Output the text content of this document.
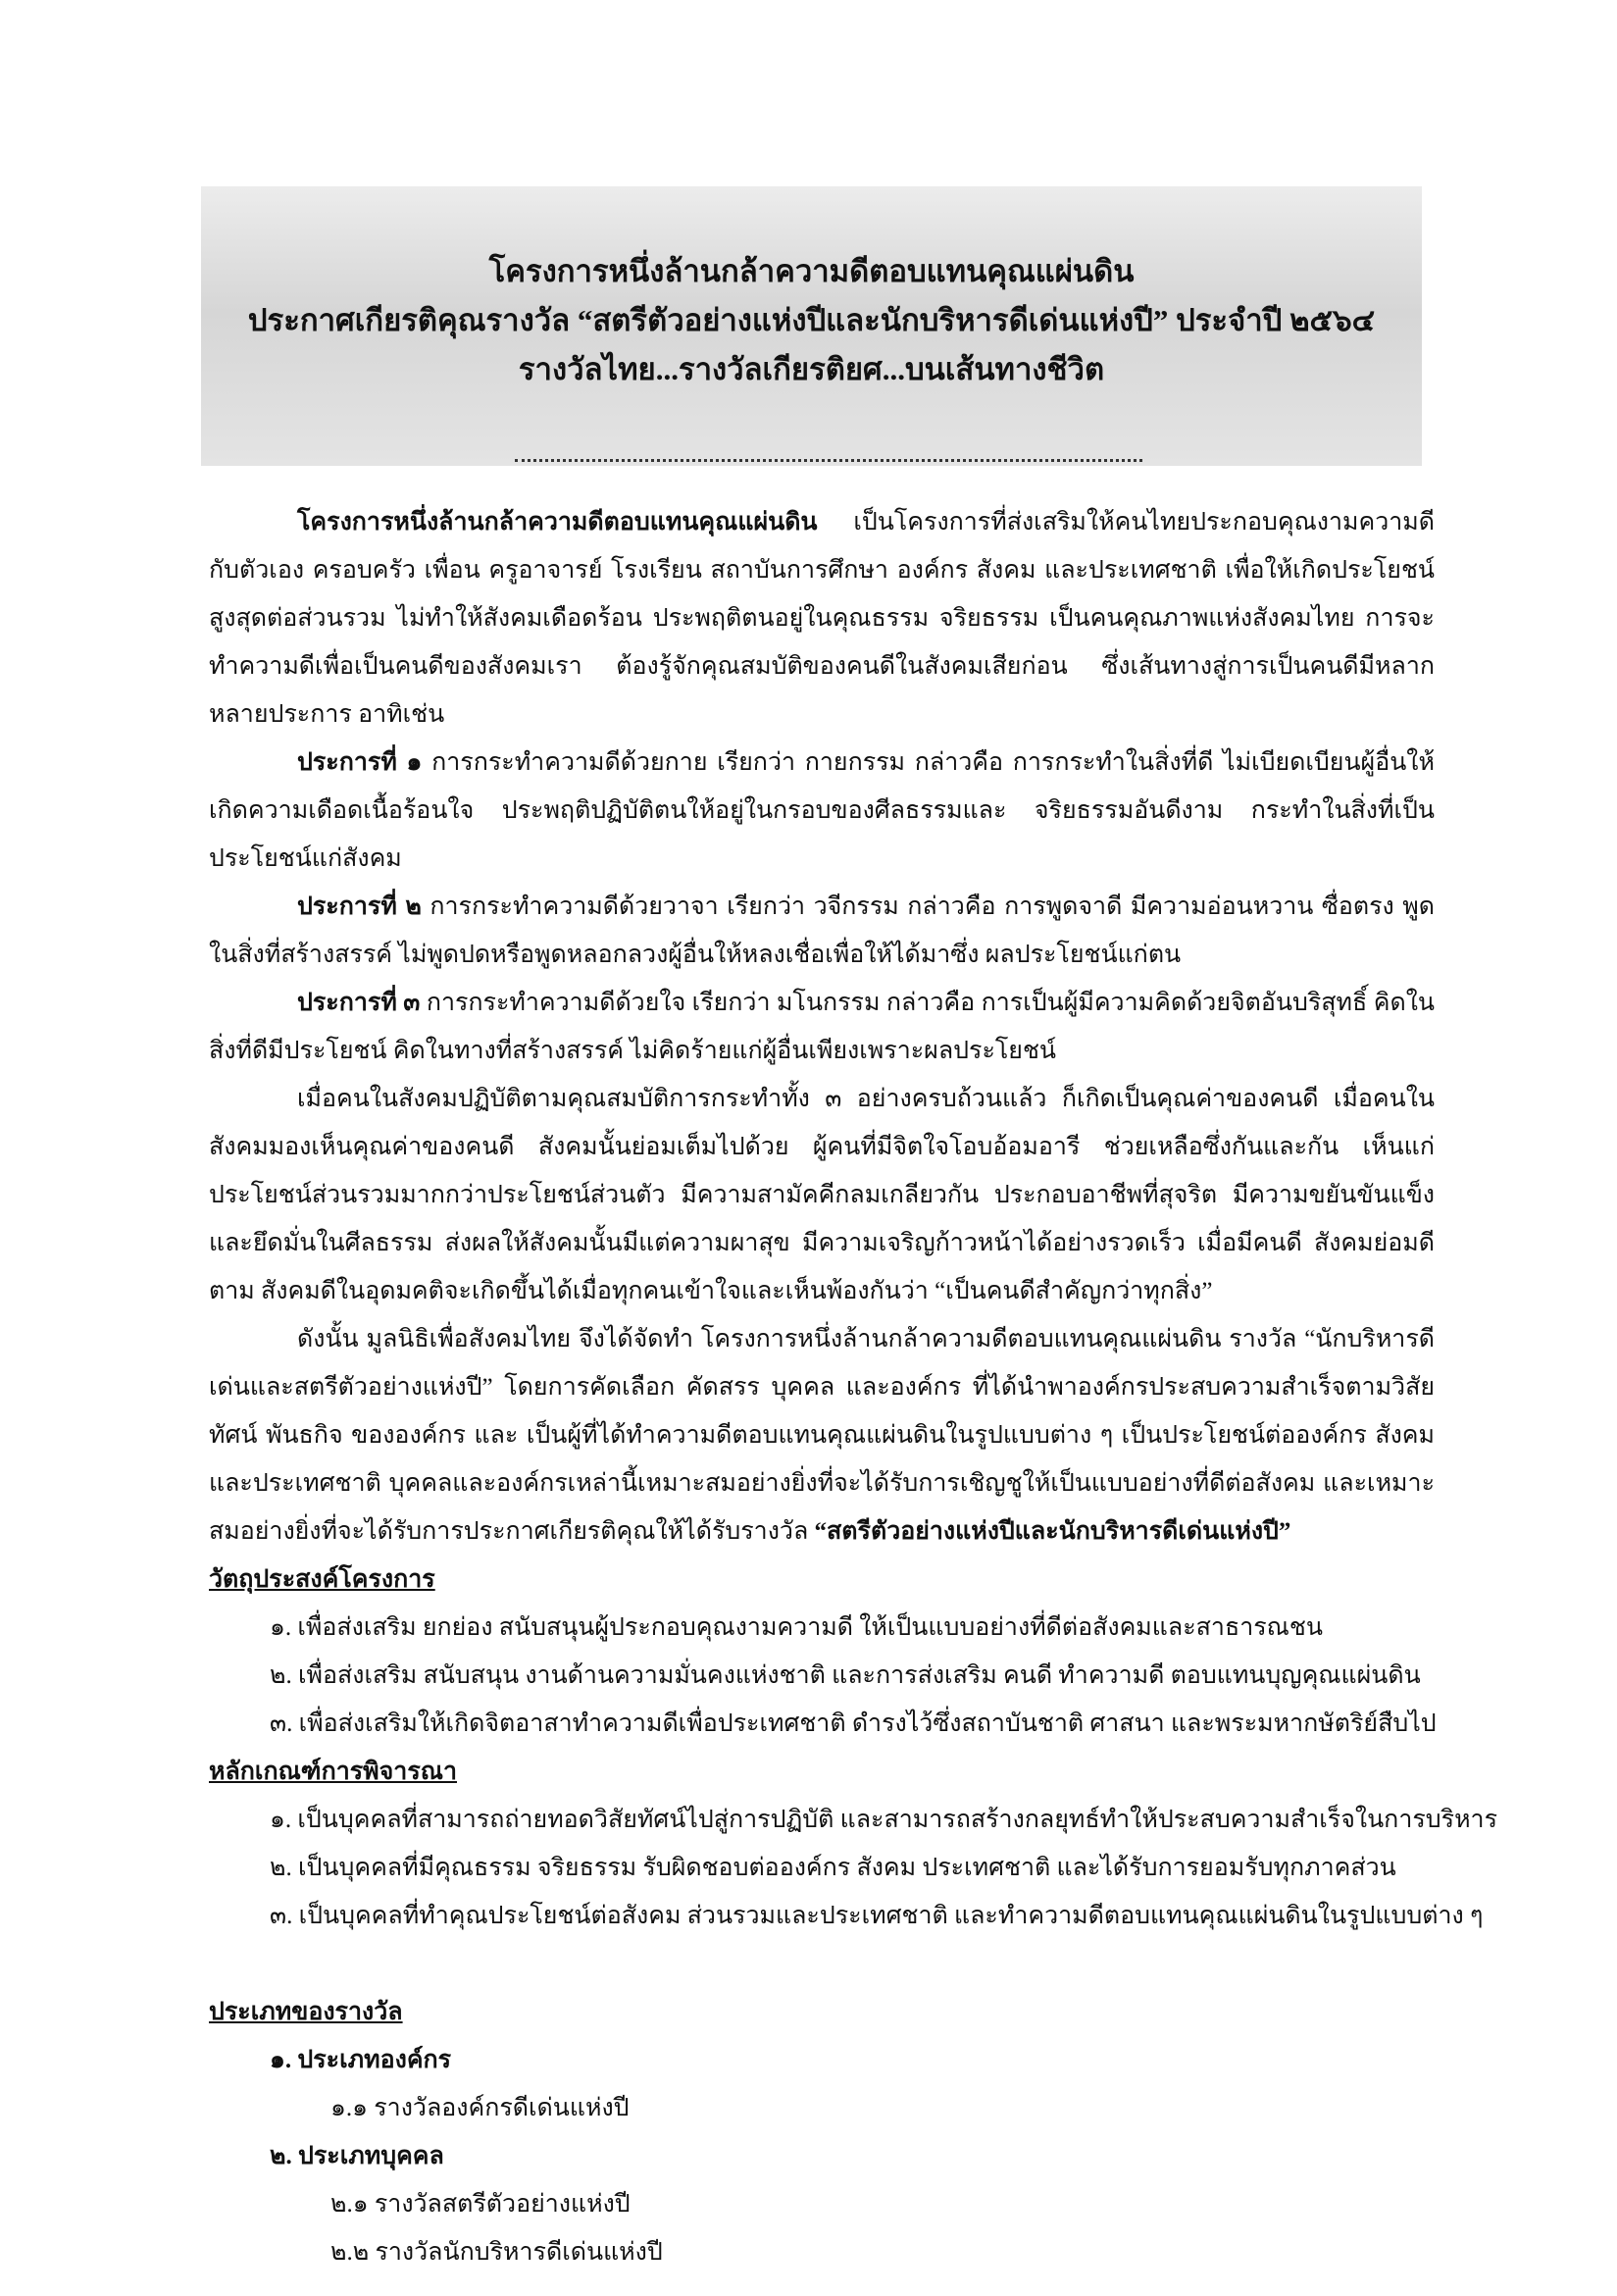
โครงการหนึ่งล้านกล้าความดีตอบแทนคุณแผ่นดิน
ประกาศเกียรติคุณรางวัล “สตรีตัวอย่างแห่งปีและนักบริหารดีเด่นแห่งปี” ประจำปี ๒๕๖๔
รางวัลไทย...รางวัลเกียรติยศ...บนเส้นทางชีวิต

โครงการหนึ่งล้านกล้าความดีตอบแทนคุณแผ่นดิน เป็นโครงการที่ส่งเสริมให้คนไทยประกอบคุณงามความดีกับตัวเอง ครอบครัว เพื่อน ครูอาจารย์ โรงเรียน สถาบันการศึกษา องค์กร สังคม และประเทศชาติ เพื่อให้เกิดประโยชน์สูงสุดต่อส่วนรวม ไม่ทำให้สังคมเดือดร้อน ประพฤติตนอยู่ในคุณธรรม จริยธรรม เป็นคนคุณภาพแห่งสังคมไทย การจะทำความดีเพื่อเป็นคนดีของสังคมเรา ต้องรู้จักคุณสมบัติของคนดีในสังคมเสียก่อน ซึ่งเส้นทางสู่การเป็นคนดีมีหลากหลายประการ อาทิเช่น

ประการที่ ๑ การกระทำความดีด้วยกาย เรียกว่า กายกรรม กล่าวคือ การกระทำในสิ่งที่ดี ไม่เบียดเบียนผู้อื่นให้เกิดความเดือดเนื้อร้อนใจ ประพฤติปฏิบัติตนให้อยู่ในกรอบของศีลธรรมและ จริยธรรมอันดีงาม กระทำในสิ่งที่เป็นประโยชน์แก่สังคม

ประการที่ ๒ การกระทำความดีด้วยวาจา เรียกว่า วจีกรรม กล่าวคือ การพูดจาดี มีความอ่อนหวาน ซื่อตรง พูดในสิ่งที่สร้างสรรค์ ไม่พูดปดหรือพูดหลอกลวงผู้อื่นให้หลงเชื่อเพื่อให้ได้มาซึ่ง ผลประโยชน์แก่ตน

ประการที่ ๓ การกระทำความดีด้วยใจ เรียกว่า มโนกรรม กล่าวคือ การเป็นผู้มีความคิดด้วยจิตอันบริสุทธิ์ คิดในสิ่งที่ดีมีประโยชน์ คิดในทางที่สร้างสรรค์ ไม่คิดร้ายแก่ผู้อื่นเพียงเพราะผลประโยชน์

เมื่อคนในสังคมปฏิบัติตามคุณสมบัติการกระทำทั้ง ๓ อย่างครบถ้วนแล้ว ก็เกิดเป็นคุณค่าของคนดี เมื่อคนในสังคมมองเห็นคุณค่าของคนดี สังคมนั้นย่อมเต็มไปด้วย ผู้คนที่มีจิตใจโอบอ้อมอารี ช่วยเหลือซึ่งกันและกัน เห็นแก่ประโยชน์ส่วนรวมมากกว่าประโยชน์ส่วนตัว มีความสามัคคีกลมเกลียวกัน ประกอบอาชีพที่สุจริต มีความขยันขันแข็งและยึดมั่นในศีลธรรม ส่งผลให้สังคมนั้นมีแต่ความผาสุข มีความเจริญก้าวหน้าได้อย่างรวดเร็ว เมื่อมีคนดี สังคมย่อมดีตาม สังคมดีในอุดมคติจะเกิดขึ้นได้เมื่อทุกคนเข้าใจและเห็นพ้องกันว่า “เป็นคนดีสำคัญกว่าทุกสิ่ง”

ดังนั้น มูลนิธิเพื่อสังคมไทย จึงได้จัดทำ โครงการหนึ่งล้านกล้าความดีตอบแทนคุณแผ่นดิน รางวัล “นักบริหารดีเด่นและสตรีตัวอย่างแห่งปี” โดยการคัดเลือก คัดสรร บุคคล และองค์กร ที่ได้นำพาองค์กรประสบความสำเร็จตามวิสัยทัศน์ พันธกิจ ขององค์กร และ เป็นผู้ที่ได้ทำความดีตอบแทนคุณแผ่นดินในรูปแบบต่าง ๆ เป็นประโยชน์ต่อองค์กร สังคมและประเทศชาติ บุคคลและองค์กรเหล่านี้เหมาะสมอย่างยิ่งที่จะได้รับการเชิญชูให้เป็นแบบอย่างที่ดีต่อสังคม และเหมาะสมอย่างยิ่งที่จะได้รับการประกาศเกียรติคุณให้ได้รับรางวัล “สตรีตัวอย่างแห่งปีและนักบริหารดีเด่นแห่งปี”

วัตถุประสงค์โครงการ

๑. เพื่อส่งเสริม ยกย่อง สนับสนุนผู้ประกอบคุณงามความดี ให้เป็นแบบอย่างที่ดีต่อสังคมและสาธารณชน

๒. เพื่อส่งเสริม สนับสนุน งานด้านความมั่นคงแห่งชาติ และการส่งเสริม คนดี ทำความดี ตอบแทนบุญคุณแผ่นดิน

๓. เพื่อส่งเสริมให้เกิดจิตอาสาทำความดีเพื่อประเทศชาติ ดำรงไว้ซึ่งสถาบันชาติ ศาสนา และพระมหากษัตริย์สืบไป

หลักเกณฑ์การพิจารณา

๑. เป็นบุคคลที่สามารถถ่ายทอดวิสัยทัศน์ไปสู่การปฏิบัติ และสามารถสร้างกลยุทธ์ทำให้ประสบความสำเร็จในการบริหาร

๒. เป็นบุคคลที่มีคุณธรรม จริยธรรม รับผิดชอบต่อองค์กร สังคม ประเทศชาติ และได้รับการยอมรับทุกภาคส่วน

๓. เป็นบุคคลที่ทำคุณประโยชน์ต่อสังคม ส่วนรวมและประเทศชาติ และทำความดีตอบแทนคุณแผ่นดินในรูปแบบต่าง ๆ

ประเภทของรางวัล

๑. ประเภทองค์กร

๑.๑ รางวัลองค์กรดีเด่นแห่งปี

๒. ประเภทบุคคล

๒.๑ รางวัลสตรีตัวอย่างแห่งปี

๒.๒ รางวัลนักบริหารดีเด่นแห่งปี
